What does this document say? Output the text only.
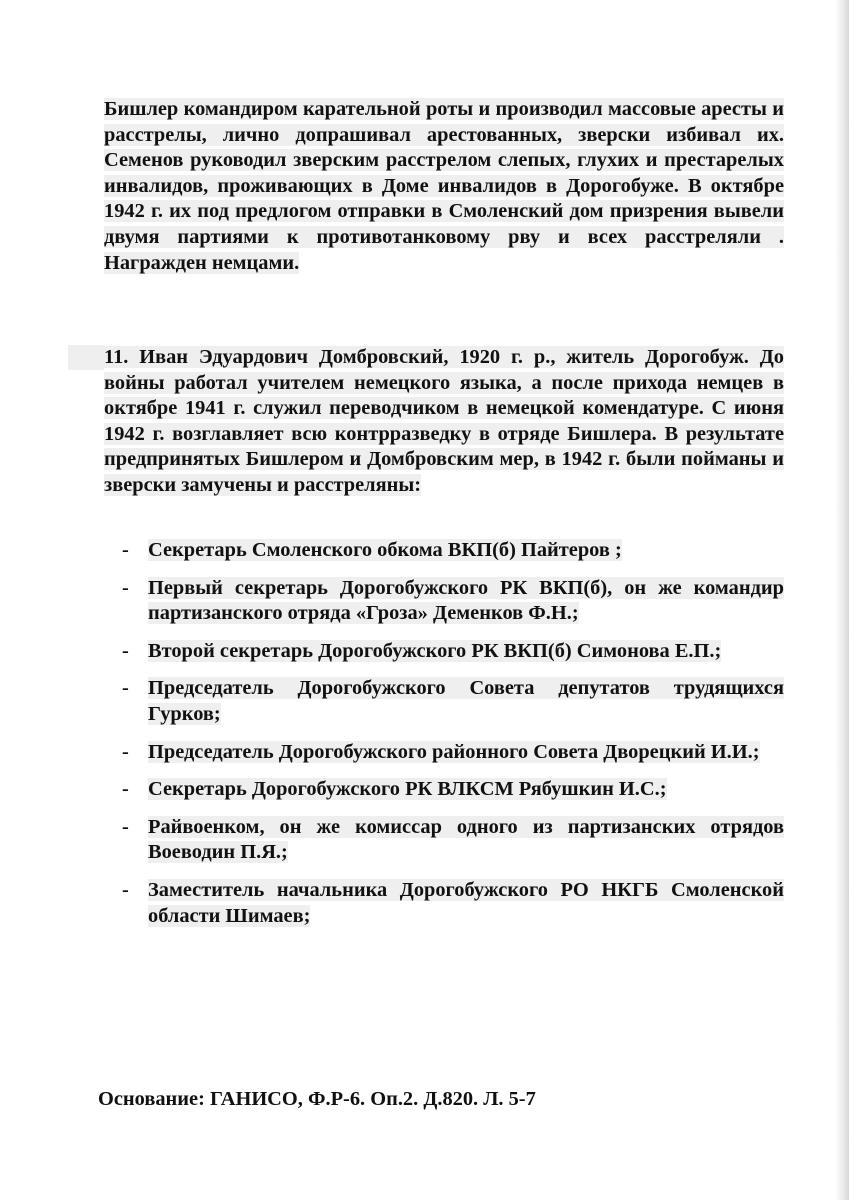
Бишлер командиром карательной роты и производил массовые аресты и расстрелы, лично допрашивал арестованных, зверски избивал их. Семенов руководил зверским расстрелом слепых, глухих и престарелых инвалидов, проживающих в Доме инвалидов в Дорогобуже. В октябре 1942 г. их под предлогом отправки в Смоленский дом призрения вывели двумя партиями к противотанковому рву и всех расстреляли . Награжден немцами.
11. Иван Эдуардович Домбровский, 1920 г. р., житель Дорогобуж. До войны работал учителем немецкого языка, а после прихода немцев в октябре 1941 г. служил переводчиком в немецкой комендатуре. С июня 1942 г. возглавляет всю контрразведку в отряде Бишлера. В результате предпринятых Бишлером и Домбровским мер, в 1942 г. были пойманы и зверски замучены и расстреляны:
- Секретарь Смоленского обкома ВКП(б) Пайтеров ;
- Первый секретарь Дорогобужского РК ВКП(б), он же командир партизанского отряда «Гроза» Деменков Ф.Н.;
- Второй секретарь Дорогобужского РК ВКП(б) Симонова Е.П.;
- Председатель Дорогобужского Совета депутатов трудящихся Гурков;
- Председатель Дорогобужского районного Совета Дворецкий И.И.;
- Секретарь Дорогобужского РК ВЛКСМ Рябушкин И.С.;
- Райвоенком, он же комиссар одного из партизанских отрядов Воеводин П.Я.;
- Заместитель начальника Дорогобужского РО НКГБ Смоленской области Шимаев;
Основание: ГАНИСО, Ф.Р-6. Оп.2. Д.820. Л. 5-7
